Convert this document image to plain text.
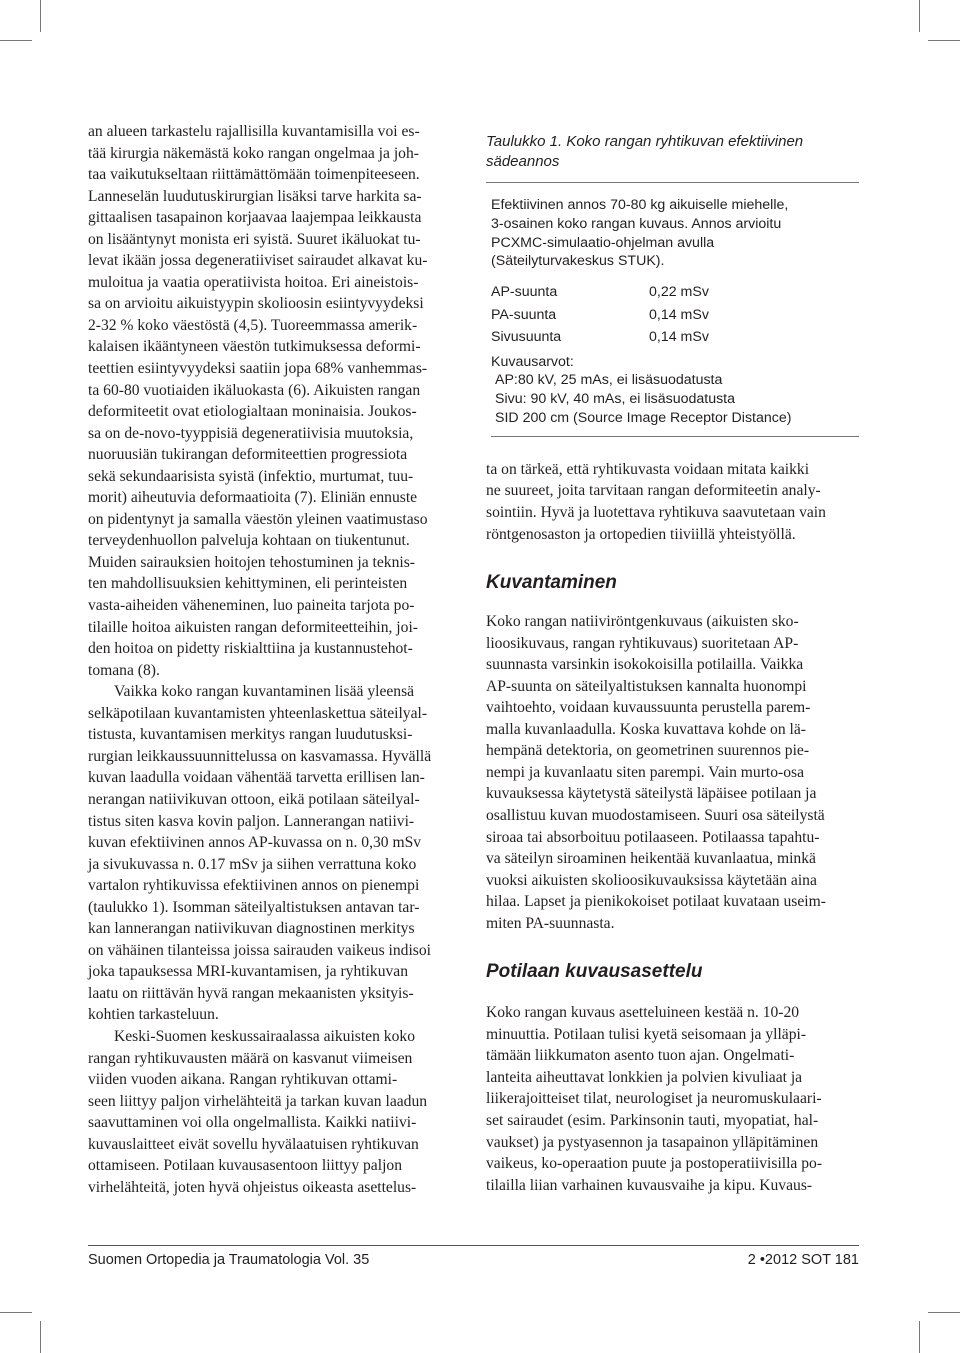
an alueen tarkastelu rajallisilla kuvantamisilla voi es-
tää kirurgia näkemästä koko rangan ongelmaa ja joh-
taa vaikutukseltaan riittämättömään toimenpiteeseen.
Lanneselän luudutuskirurgian lisäksi tarve harkita sa-
gittaalisen tasapainon korjaavaa laajempaa leikkausta
on lisääntynyt monista eri syistä. Suuret ikäluokat tu-
levat ikään jossa degeneratiiviset sairaudet alkavat ku-
muloitua ja vaatia operatiivista hoitoa. Eri aineistois-
sa on arvioitu aikuistyypin skolioosin esiintyvyydeksi
2-32 % koko väestöstä (4,5). Tuoreemmassa amerik-
kalaisen ikääntyneen väestön tutkimuksessa deformi-
teettien esiintyvyydeksi saatiin jopa 68% vanhemmas-
ta 60-80 vuotiaiden ikäluokasta (6). Aikuisten rangan
deformiteetit ovat etiologialtaan moninaisia. Joukos-
sa on de-novo-tyyppisiä degeneratiivisia muutoksia,
nuoruusiän tukirangan deformiteettien progressiota
sekä sekundaarisista syistä (infektio, murtumat, tuu-
morit) aiheutuvia deformaatioita (7). Eliniän ennuste
on pidentynyt ja samalla väestön yleinen vaatimustaso
terveydenhuollon palveluja kohtaan on tiukentunut.
Muiden sairauksien hoitojen tehostuminen ja teknis-
ten mahdollisuuksien kehittyminen, eli perinteisten
vasta-aiheiden väheneminen, luo paineita tarjota po-
tilaille hoitoa aikuisten rangan deformiteetteihin, joi-
den hoitoa on pidetty riskialttiina ja kustannustehot-
tomana (8).

Vaikka koko rangan kuvantaminen lisää yleensä
selkäpotilaan kuvantamisten yhteenlaskettua säteilyal-
tistusta, kuvantamisen merkitys rangan luudutusksi-
rurgian leikkaussuunnittelussa on kasvamassa. Hyvällä
kuvan laadulla voidaan vähentää tarvetta erillisen lan-
nerangan natiivikuvan ottoon, eikä potilaan säteilyal-
tistus siten kasva kovin paljon. Lannerangan natiivi-
kuvan efektiivinen annos AP-kuvassa on n. 0,30 mSv
ja sivukuvassa n. 0.17 mSv ja siihen verrattuna koko
vartalon ryhtikuvissa efektiivinen annos on pienempi
(taulukko 1). Isomman säteilyaltistuksen antavan tar-
kan lannerangan natiivikuvan diagnostinen merkitys
on vähäinen tilanteissa joissa sairauden vaikeus indisoi
joka tapauksessa MRI-kuvantamisen, ja ryhtikuvan
laatu on riittävän hyvä rangan mekaanisten yksityis-
kohtien tarkasteluun.

Keski-Suomen keskussairaalassa aikuisten koko
rangan ryhtikuvausten määrä on kasvanut viimeisen
viiden vuoden aikana. Rangan ryhtikuvan ottami-
seen liittyy paljon virhelähteitä ja tarkan kuvan laadun
saavuttaminen voi olla ongelmallista. Kaikki natiivi-
kuvauslaitteet eivät sovellu hyvälaatuisen ryhtikuvan
ottamiseen. Potilaan kuvausasentoon liittyy paljon
virhelähteitä, joten hyvä ohjeistus oikeasta asettelus-

Taulukko 1. Koko rangan ryhtikuvan efektiivinen
sädeannos
Efektiivinen annos 70-80 kg aikuiselle miehelle,
3-osainen koko rangan kuvaus. Annos arvioitu
PCXMC-simulaatio-ohjelman avulla
(Säteilyturvakeskus STUK).
AP-suunta	0,22 mSv
PA-suunta	0,14 mSv
Sivusuunta	0,14 mSv
Kuvausarvot:
AP:80 kV, 25 mAs, ei lisäsuodatusta
Sivu: 90 kV, 40 mAs, ei lisäsuodatusta
SID 200 cm (Source Image Receptor Distance)

ta on tärkeä, että ryhtikuvasta voidaan mitata kaikki
ne suureet, joita tarvitaan rangan deformiteetin analy-
sointiin. Hyvä ja luotettava ryhtikuva saavutetaan vain
röntgenosaston ja ortopedien tiiviillä yhteistyöllä.

Kuvantaminen

Koko rangan natiiviröntgenkuvaus (aikuisten sko-
lioosikuvaus, rangan ryhtikuvaus) suoritetaan AP-
suunnasta varsinkin isokokoisilla potilailla. Vaikka
AP-suunta on säteilyaltistuksen kannalta huonompi
vaihtoehto, voidaan kuvaussuunta perustella parem-
malla kuvanlaadulla. Koska kuvattava kohde on lä-
hempänä detektoria, on geometrinen suurennos pie-
nempi ja kuvanlaatu siten parempi. Vain murto-osa
kuvauksessa käytetystä säteilystä läpäisee potilaan ja
osallistuu kuvan muodostamiseen. Suuri osa säteilystä
siroaa tai absorboituu potilaaseen. Potilaassa tapahtu-
va säteilyn siroaminen heikentää kuvanlaatua, minkä
vuoksi aikuisten skolioosikuvauksissa käytetään aina
hilaa. Lapset ja pienikokoiset potilaat kuvataan useim-
miten PA-suunnasta.

Potilaan kuvausasettelu

Koko rangan kuvaus asetteluineen kestää n. 10-20
minuuttia. Potilaan tulisi kyetä seisomaan ja ylläpi-
tämään liikkumaton asento tuon ajan. Ongelmati-
lanteita aiheuttavat lonkkien ja polvien kivuliaat ja
liikerajoitteiset tilat, neurologiset ja neuromuskulaari-
set sairaudet (esim. Parkinsonin tauti, myopatiat, hal-
vaukset) ja pystyasennon ja tasapainon ylläpitäminen
vaikeus, ko-operaation puute ja postoperatiivisilla po-
tilailla liian varhainen kuvausvaihe ja kipu. Kuvaus-

Suomen Ortopedia ja Traumatologia Vol. 35	2 •2012 SOT 181
